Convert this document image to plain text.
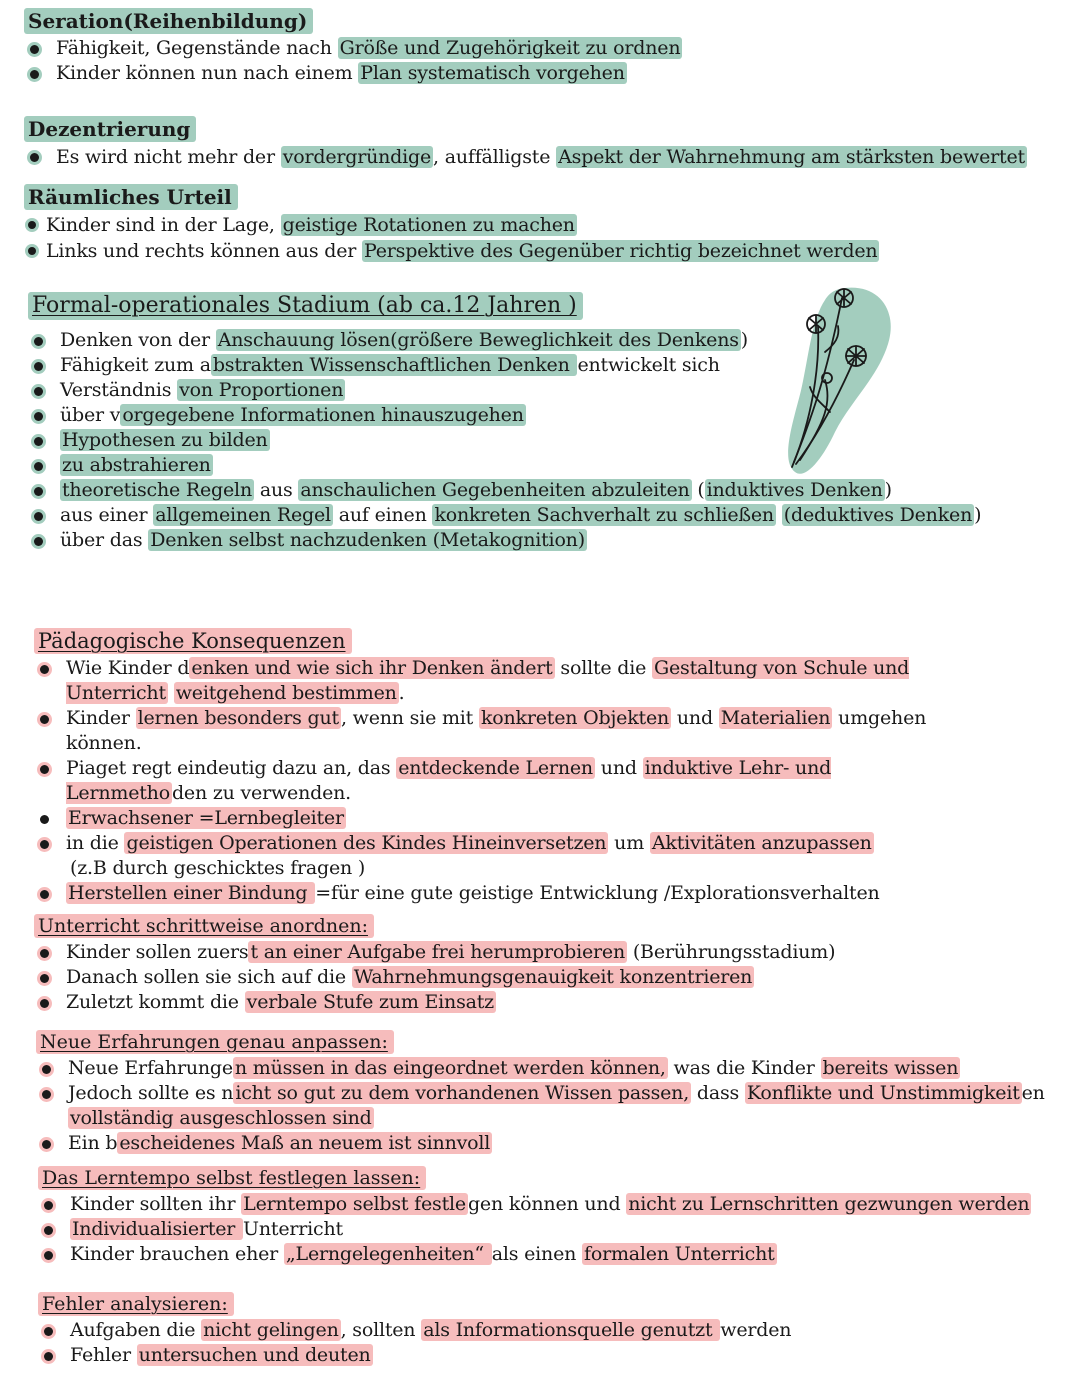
Seration(Reihenbildung)
Fähigkeit, Gegenstände nach Größe und Zugehörigkeit zu ordnen
Kinder können nun nach einem Plan systematisch vorgehen
Dezentrierung
Es wird nicht mehr der vordergründige , auffälligste Aspekt der Wahrnehmung am stärksten bewertet
Räumliches Urteil
Kinder sind in der Lage, geistige Rotationen zu machen
Links und rechts können aus der Perspektive des Gegenüber richtig bezeichnet werden
Formal-operationales Stadium (ab ca.12 Jahren )
Denken von der Anschauung lösen(größere Beweglichkeit des Denkens )
Fähigkeit zum a bstrakten Wissenschaftlichen Denken entwickelt sich
Verständnis von Proportionen
über v orgegebene Informationen hinauszugehen
Hypothesen zu bilden
zu abstrahieren
theoretische Regeln aus anschaulichen Gegebenheiten abzuleiten ( induktives Denken )
aus einer allgemeinen Regel auf einen konkreten Sachverhalt zu schließen (deduktives Denken )
über das Denken selbst nachzudenken (Metakognition)
Pädagogische Konsequenzen
Wie Kinder d enken und wie sich ihr Denken ändert sollte die Gestaltung von Schule und Unterricht weitgehend bestimmen .
Kinder lernen besonders gut , wenn sie mit konkreten Objekten und Materialien umgehen können.
Piaget regt eindeutig dazu an, das entdeckende Lernen und induktive Lehr- und Lernmetho den zu verwenden.
Erwachsener =Lernbegleiter
in die geistigen Operationen des Kindes Hineinversetzen um Aktivitäten anzupassen
(z.B durch geschicktes fragen )
Herstellen einer Bindung =für eine gute geistige Entwicklung /Explorationsverhalten
Unterricht schrittweise anordnen:
Kinder sollen zuers t an einer Aufgabe frei herumprobieren (Berührungsstadium)
Danach sollen sie sich auf die Wahrnehmungsgenauigkeit konzentrieren
Zuletzt kommt die verbale Stufe zum Einsatz
Neue Erfahrungen genau anpassen:
Neue Erfahrunge n müssen in das eingeordnet werden können, was die Kinder bereits wissen
Jedoch sollte es n icht so gut zu dem vorhandenen Wissen passen, dass Konflikte und Unstimmigkeit en vollständig ausgeschlossen sind
Ein b escheidenes Maß an neuem ist sinnvoll
Das Lerntempo selbst festlegen lassen:
Kinder sollten ihr Lerntempo selbst festle gen können und nicht zu Lernschritten gezwungen werden
Individualisierter Unterricht
Kinder brauchen eher „Lerngelegenheiten“ als einen formalen Unterricht
Fehler analysieren:
Aufgaben die nicht gelingen , sollten als Informationsquelle genutzt werden
Fehler untersuchen und deuten
